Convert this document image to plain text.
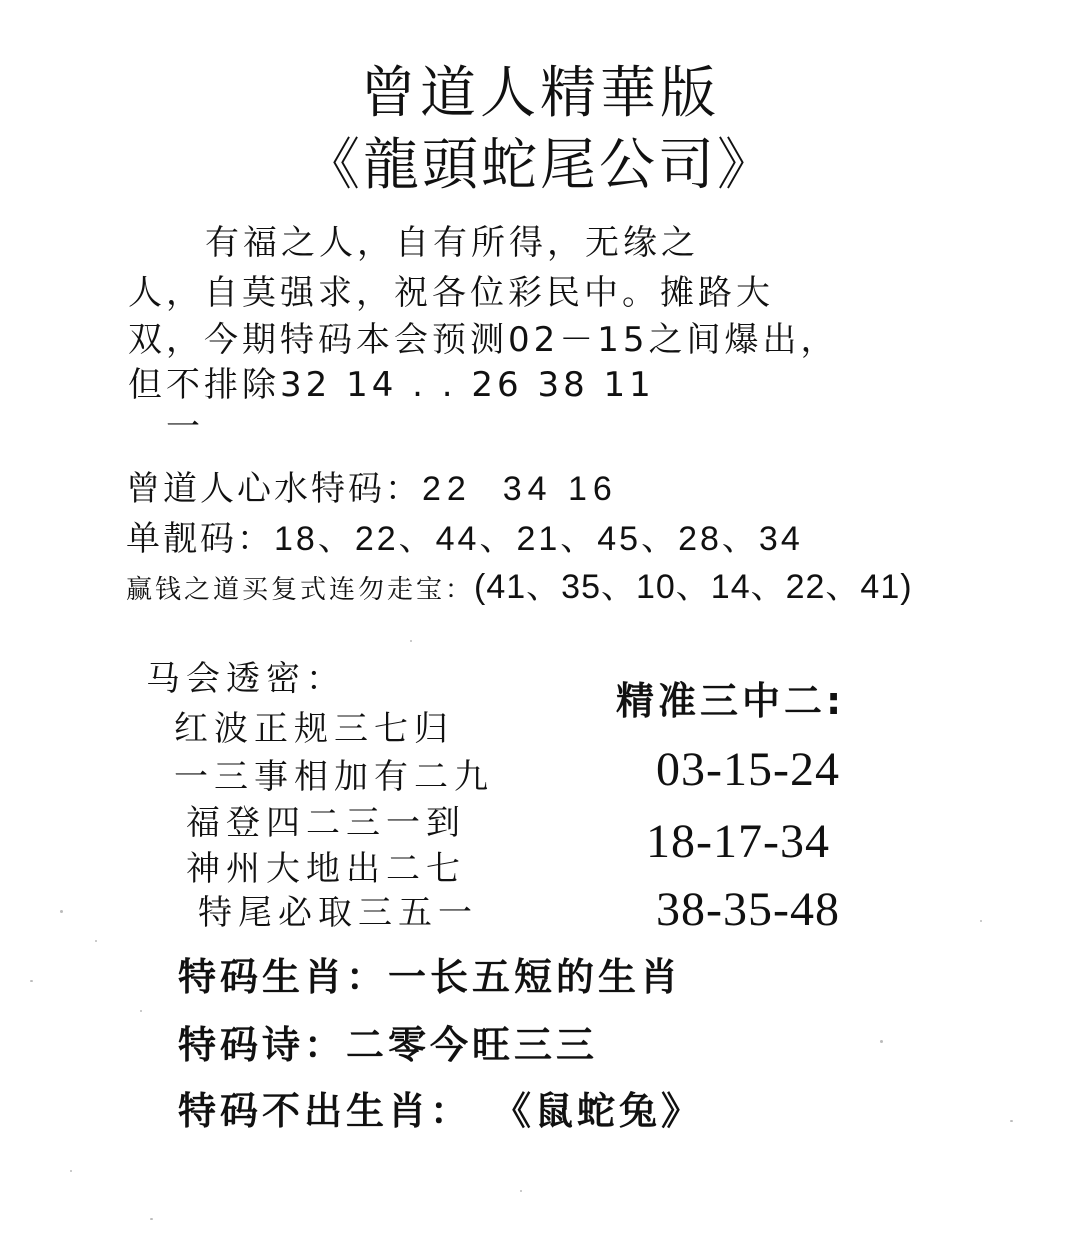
曾道人精華版
《龍頭蛇尾公司》
有福之人，自有所得，无缘之
人，自莫强求，祝各位彩民中。摊路大
双，今期特码本会预测02－15之间爆出，
但不排除32 14 . . 26 38 11
一
曾道人心水特码：22  34 16
单靓码：18、22、44、21、45、28、34
赢钱之道买复式连勿走宝：(41、35、10、14、22、41)
马会透密：	精准三中二:
红波正规三七归
一三事相加有二九
福登四二三一到
神州大地出二七
特尾必取三五一
03-15-24
18-17-34
38-35-48
特码生肖：一长五短的生肖
特码诗：二零今旺三三
特码不出生肖： 《鼠蛇兔》
